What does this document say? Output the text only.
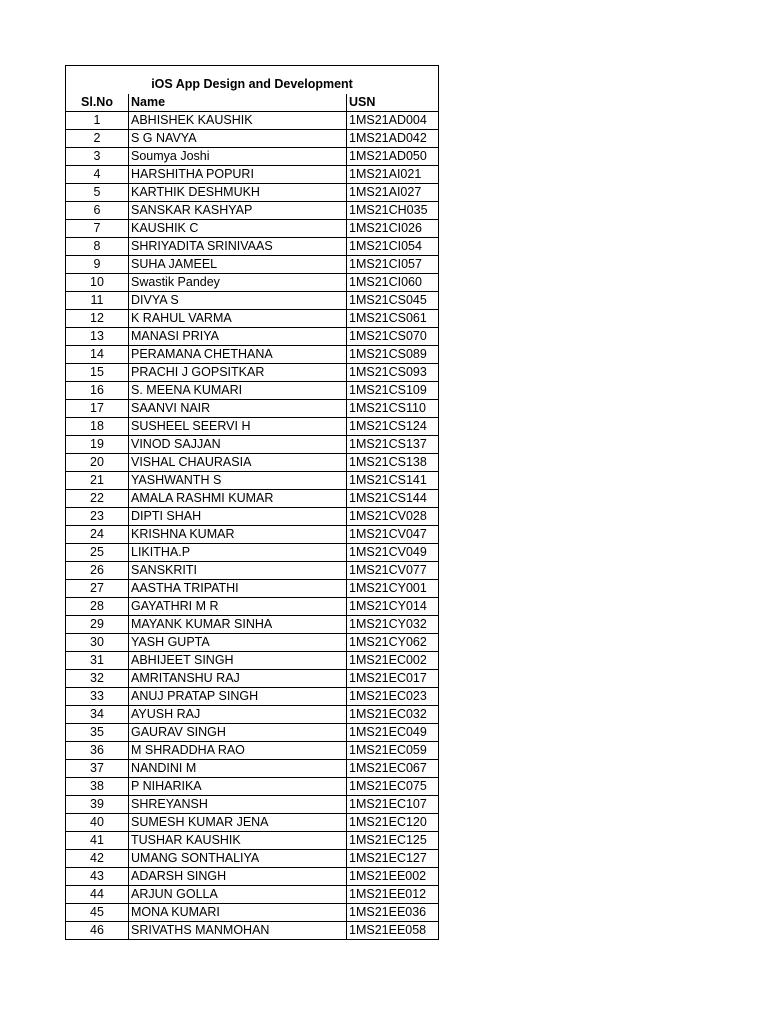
iOS App Design and Development		
Sl.No	Name	USN
1	ABHISHEK KAUSHIK	1MS21AD004
2	S G NAVYA	1MS21AD042
3	Soumya Joshi	1MS21AD050
4	HARSHITHA POPURI	1MS21AI021
5	KARTHIK DESHMUKH	1MS21AI027
6	SANSKAR KASHYAP	1MS21CH035
7	KAUSHIK C	1MS21CI026
8	SHRIYADITA SRINIVAAS	1MS21CI054
9	SUHA JAMEEL	1MS21CI057
10	Swastik Pandey	1MS21CI060
11	DIVYA S	1MS21CS045
12	K RAHUL VARMA	1MS21CS061
13	MANASI PRIYA	1MS21CS070
14	PERAMANA CHETHANA	1MS21CS089
15	PRACHI J GOPSITKAR	1MS21CS093
16	S. MEENA KUMARI	1MS21CS109
17	SAANVI NAIR	1MS21CS110
18	SUSHEEL SEERVI H	1MS21CS124
19	VINOD SAJJAN	1MS21CS137
20	VISHAL CHAURASIA	1MS21CS138
21	YASHWANTH S	1MS21CS141
22	AMALA RASHMI KUMAR	1MS21CS144
23	DIPTI SHAH	1MS21CV028
24	KRISHNA KUMAR	1MS21CV047
25	LIKITHA.P	1MS21CV049
26	SANSKRITI	1MS21CV077
27	AASTHA TRIPATHI	1MS21CY001
28	GAYATHRI M R	1MS21CY014
29	MAYANK KUMAR SINHA	1MS21CY032
30	YASH GUPTA	1MS21CY062
31	ABHIJEET SINGH	1MS21EC002
32	AMRITANSHU RAJ	1MS21EC017
33	ANUJ PRATAP SINGH	1MS21EC023
34	AYUSH RAJ	1MS21EC032
35	GAURAV SINGH	1MS21EC049
36	M SHRADDHA RAO	1MS21EC059
37	NANDINI M	1MS21EC067
38	P NIHARIKA	1MS21EC075
39	SHREYANSH	1MS21EC107
40	SUMESH KUMAR JENA	1MS21EC120
41	TUSHAR KAUSHIK	1MS21EC125
42	UMANG SONTHALIYA	1MS21EC127
43	ADARSH SINGH	1MS21EE002
44	ARJUN GOLLA	1MS21EE012
45	MONA KUMARI	1MS21EE036
46	SRIVATHS MANMOHAN	1MS21EE058
